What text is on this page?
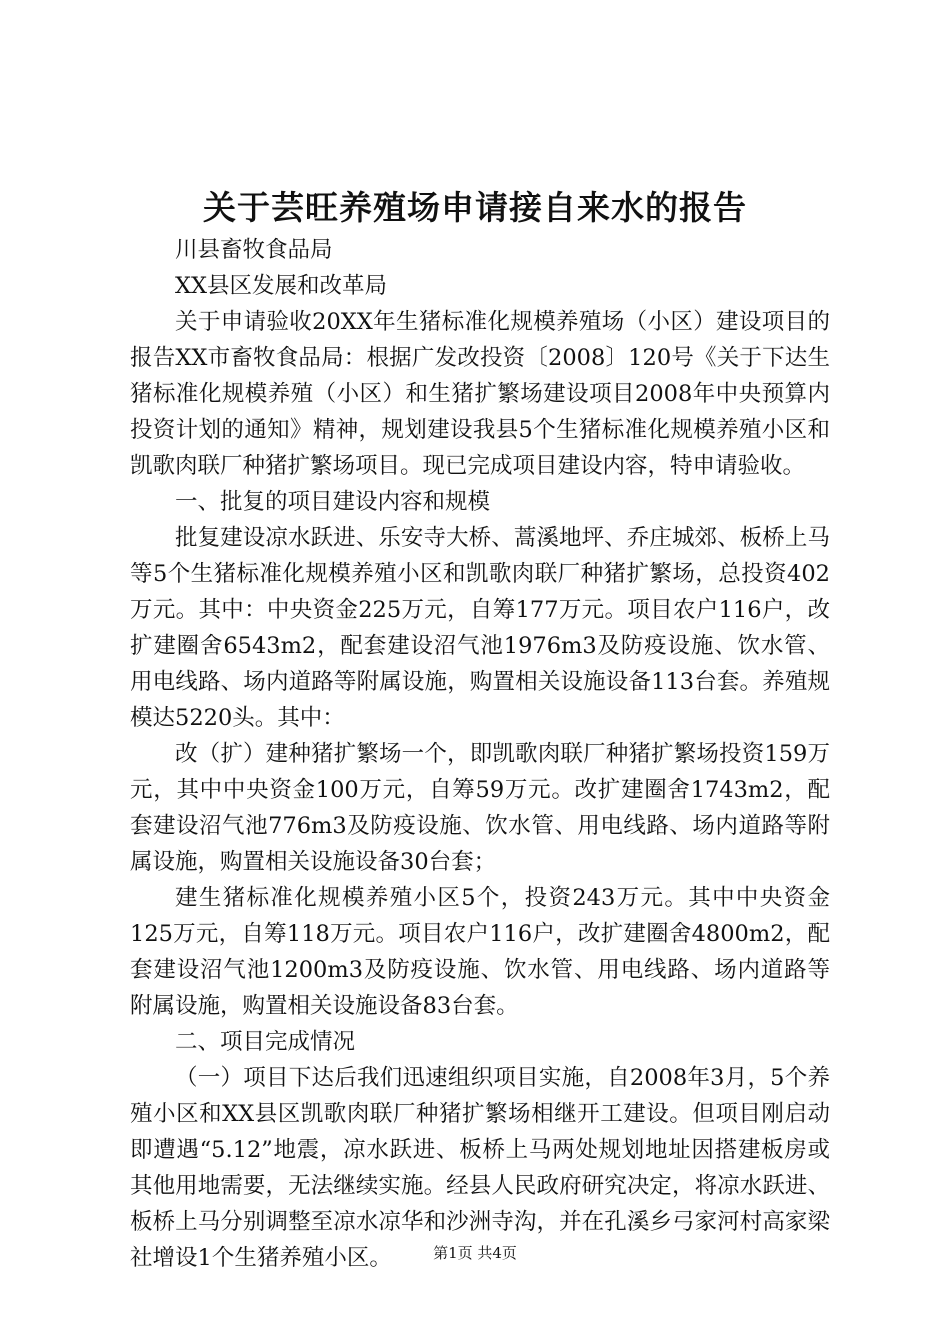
关于芸旺养殖场申请接自来水的报告

川县畜牧食品局

XX县区发展和改革局

关于申请验收20XX年生猪标准化规模养殖场（小区）建设项目的报告XX市畜牧食品局：根据广发改投资〔2008〕120号《关于下达生猪标准化规模养殖（小区）和生猪扩繁场建设项目2008年中央预算内投资计划的通知》精神，规划建设我县5个生猪标准化规模养殖小区和凯歌肉联厂种猪扩繁场项目。现已完成项目建设内容，特申请验收。

一、批复的项目建设内容和规模

批复建设凉水跃进、乐安寺大桥、蒿溪地坪、乔庄城郊、板桥上马等5个生猪标准化规模养殖小区和凯歌肉联厂种猪扩繁场，总投资402万元。其中：中央资金225万元，自筹177万元。项目农户116户，改扩建圈舍6543m2，配套建设沼气池1976m3及防疫设施、饮水管、用电线路、场内道路等附属设施，购置相关设施设备113台套。养殖规模达5220头。其中：

改（扩）建种猪扩繁场一个，即凯歌肉联厂种猪扩繁场投资159万元，其中中央资金100万元，自筹59万元。改扩建圈舍1743m2，配套建设沼气池776m3及防疫设施、饮水管、用电线路、场内道路等附属设施，购置相关设施设备30台套；

建生猪标准化规模养殖小区5个，投资243万元。其中中央资金125万元，自筹118万元。项目农户116户，改扩建圈舍4800m2，配套建设沼气池1200m3及防疫设施、饮水管、用电线路、场内道路等附属设施，购置相关设施设备83台套。

二、项目完成情况

（一）项目下达后我们迅速组织项目实施，自2008年3月，5个养殖小区和XX县区凯歌肉联厂种猪扩繁场相继开工建设。但项目刚启动即遭遇“5.12”地震，凉水跃进、板桥上马两处规划地址因搭建板房或其他用地需要，无法继续实施。经县人民政府研究决定，将凉水跃进、板桥上马分别调整至凉水凉华和沙洲寺沟，并在孔溪乡弓家河村高家梁社增设1个生猪养殖小区。	第1页 共4页
